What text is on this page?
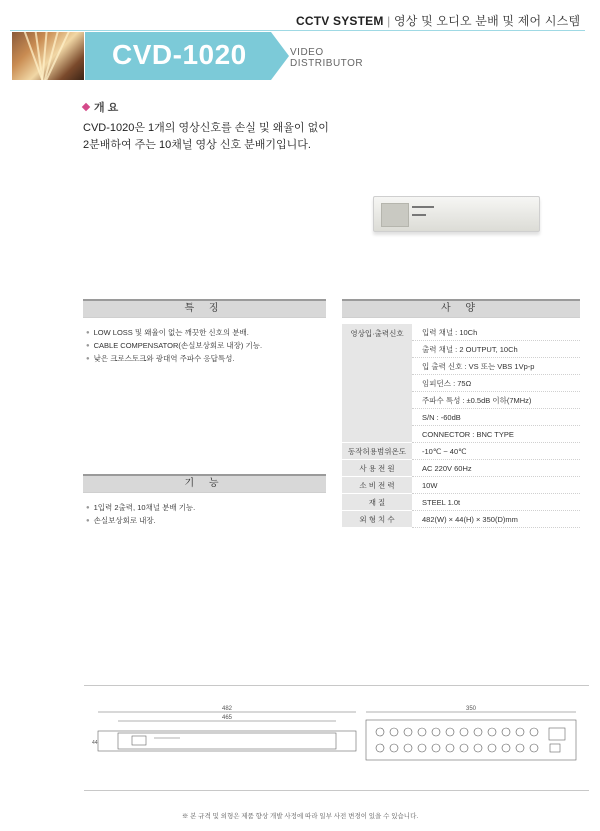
CCTV SYSTEM | 영상 및 오디오 분배 및 제어 시스템
CVD-1020	VIDEO
DISTRIBUTOR
개 요
CVD-1020은 1개의 영상신호를 손실 및 왜율이 없이
2분배하여 주는 10채널 영상 신호 분배기입니다.
특 징
● LOW LOSS 및 왜율이 없는 깨끗한 신호의 분배.
● CABLE COMPENSATOR(손실보상회로 내장) 기능.
● 낮은 크로스토크와 광대역 주파수 응답특성.
기 능
● 1입력 2출력, 10채널 분배 기능.
● 손실보상회로 내장.
사 양
영상입·출력신호	입력 채널 : 10Ch
	출력 채널 : 2 OUTPUT, 10Ch
	입 출력 신호 : VS 또는 VBS 1Vp-p
	임피던스 : 75Ω
	주파수 특성 : ±0.5dB 이하(7MHz)
	S/N : -60dB
	CONNECTOR : BNC TYPE
동작허용범위온도	-10℃ ~ 40℃
사 용 전 원	AC 220V 60Hz
소 비 전 력	10W
재 질	STEEL 1.0t
외 형 치 수	482(W) × 44(H) × 350(D)mm
482
465
44
350
※ 본 규격 및 외형은 제품 향상 개발 사정에 따라 일부 사전 변경이 있을 수 있습니다.
